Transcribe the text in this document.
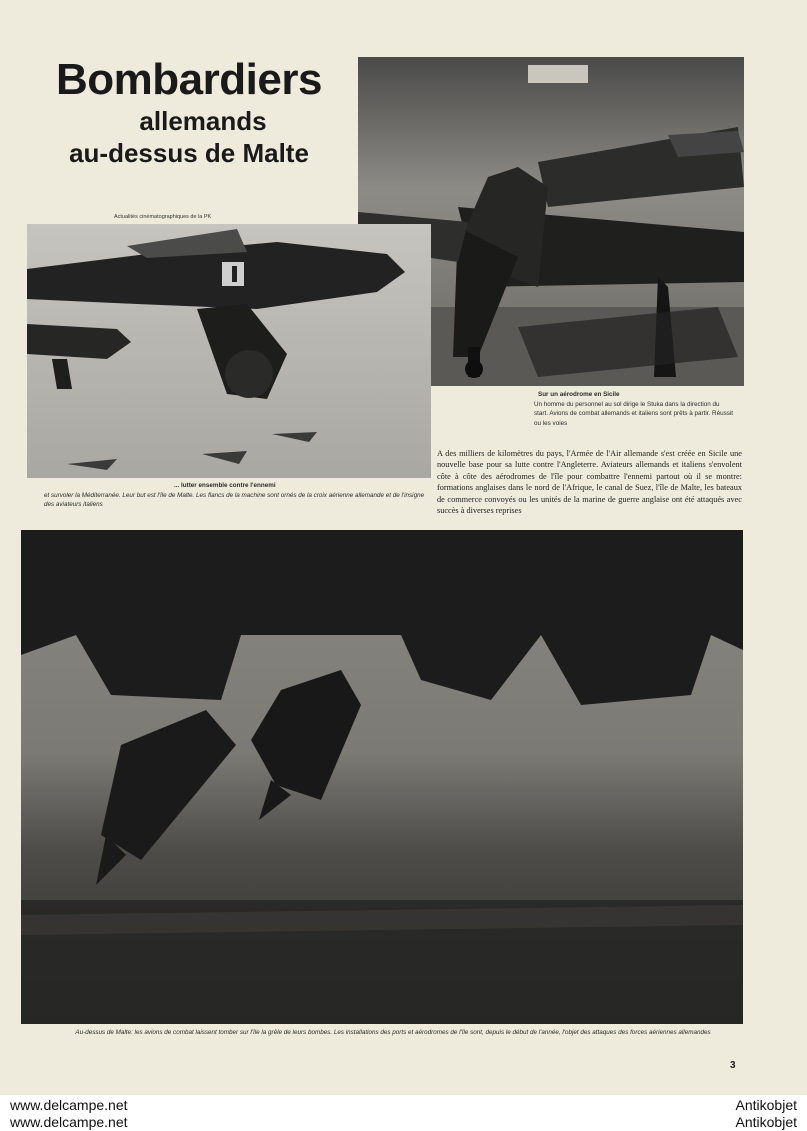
Bombardiers
allemands
au-dessus de Malte
Actualités cinématographiques de la PK
Sur un aérodrome en Sicile
Un homme du personnel au sol dirige le Stuka dans la direction du start. Avions de combat allemands et italiens sont prêts à partir. Réussit ou les voies
A des milliers de kilomètres du pays, l'Armée de l'Air allemande s'est créée en Sicile une nouvelle base pour sa lutte contre l'Angleterre. Aviateurs allemands et italiens s'envolent côte à côte des aérodromes de l'île pour combattre l'ennemi partout où il se montre: formations anglaises dans le nord de l'Afrique, le canal de Suez, l'île de Malte, les bateaux de commerce convoyés ou les unités de la marine de guerre anglaise ont été attaqués avec succès à diverses reprises
... lutter ensemble contre l'ennemi
et survoler la Méditerranée. Leur but est l'île de Malte. Les flancs de la machine sont ornés de la croix aérienne allemande et de l'insigne des aviateurs italiens
Au-dessus de Malte: les avions de combat laissent tomber sur l'île la grêle de leurs bombes. Les installations des ports et aérodromes de l'île sont, depuis le début de l'année, l'objet des attaques des forces aériennes allemandes
3
www.delcampe.net
www.delcampe.net
Antikobjet
Antikobjet
